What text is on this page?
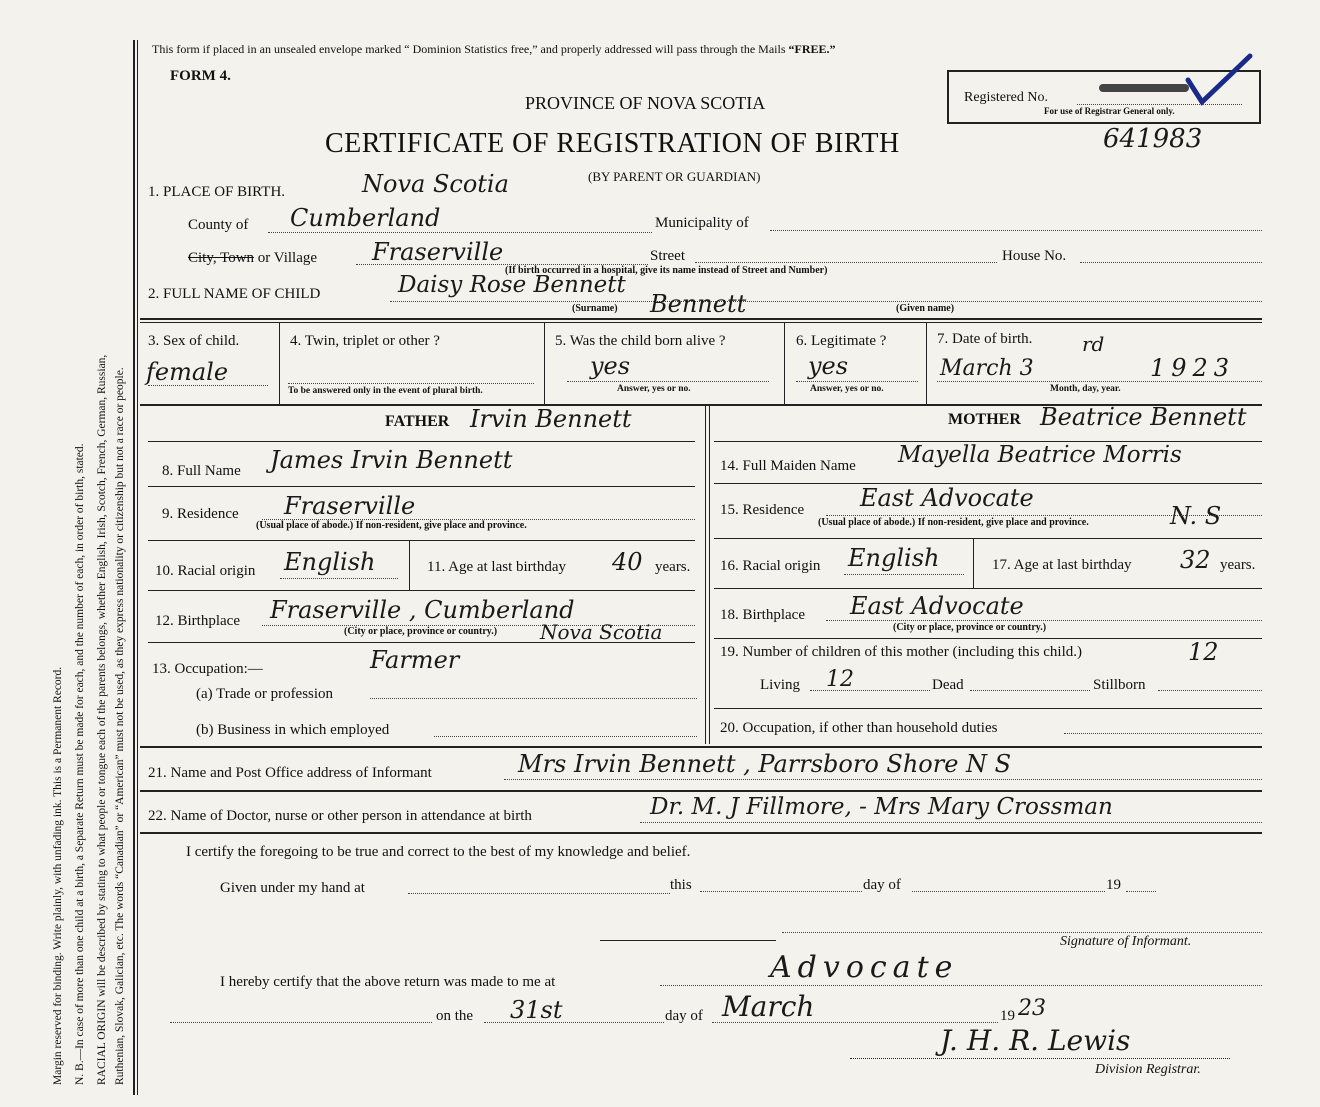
Margin reserved for binding. Write plainly, with unfading ink. This is a Permanent Record. N. B.—In case of more than one child at a birth, a Separate Return must be made for each, and the number of each, in order of birth, stated. RACIAL ORIGIN will be described by stating to what people or tongue each of the parents belongs, whether English, Irish, Scotch, French, German, Russian, Ruthenian, Slovak, Galician, etc. The words “Canadian” or “American” must not be used, as they express nationality or citizenship but not a race or people.
This form if placed in an unsealed envelope marked “ Dominion Statistics free,” and properly addressed will pass through the Mails “FREE.”
FORM 4.
PROVINCE OF NOVA SCOTIA
CERTIFICATE OF REGISTRATION OF BIRTH	641983
(BY PARENT OR GUARDIAN)
Registered No.
For use of Registrar General only.
1. PLACE OF BIRTH.	Nova Scotia
County of Cumberland	Municipality of
City, Town or Village Fraserville	Street	House No.
(If birth occurred in a hospital, give its name instead of Street and Number)
2. FULL NAME OF CHILD	Daisy Rose Bennett
(Surname) Bennett	(Given name)
3. Sex of child.
female
4. Twin, triplet or other ?
To be answered only in the event of plural birth.
5. Was the child born alive ?
yes
Answer, yes or no.
6. Legitimate ?
yes
Answer, yes or no.
7. Date of birth.
March 3
rd
1923
Month, day, year.
FATHER Irvin Bennett	MOTHER Beatrice Bennett
8. Full Name James Irvin Bennett
9. Residence Fraserville
(Usual place of abode.) If non-resident, give place and province.
10. Racial origin English	11. Age at last birthday 40 years.
12. Birthplace Fraserville , Cumberland
(City or place, province or country.) Nova Scotia
13. Occupation:—	Farmer
(a) Trade or profession
(b) Business in which employed
14. Full Maiden Name Mayella Beatrice Morris
15. Residence East Advocate
N. S
(Usual place of abode.) If non-resident, give place and province.
16. Racial origin English	17. Age at last birthday 32 years.
18. Birthplace East Advocate
(City or place, province or country.)
19. Number of children of this mother (including this child.)	12
Living 12	Dead	Stillborn
20. Occupation, if other than household duties
21. Name and Post Office address of Informant	Mrs Irvin Bennett , Parrsboro Shore N S
22. Name of Doctor, nurse or other person in attendance at birth	Dr. M. J Fillmore, - Mrs Mary Crossman
I certify the foregoing to be true and correct to the best of my knowledge and belief.
Given under my hand at	this	day of	19
Signature of Informant.
I hereby certify that the above return was made to me at	Advocate
on the 31st	day of March	19 23
J. H. R. Lewis
Division Registrar.
